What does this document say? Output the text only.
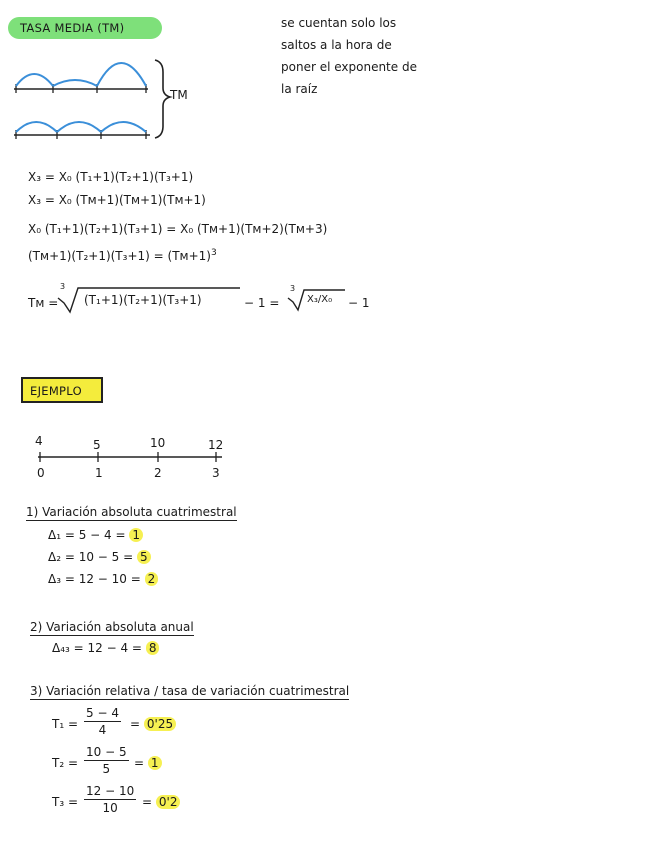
TASA MEDIA (TM)
TM
se cuentan solo los
saltos a la hora de
poner el exponente de
la raíz
X₃ = X₀ (T₁+1)(T₂+1)(T₃+1)
X₃ = X₀ (Tм+1)(Tм+1)(Tм+1)
X₀ (T₁+1)(T₂+1)(T₃+1) = X₀ (Tм+1)(Tм+2)(Tм+3)
$(Tм+1)(T_2+1)(T_3+1) = (Tм+1)^3$
Tм =
3
(T₁+1)(T₂+1)(T₃+1)	− 1 =
3
X₃/X₀ − 1
EJEMPLO
4	5	10	12
0	1	2	3
1) Variación absoluta cuatrimestral
Δ₁ = 5 − 4 = 1
Δ₂ = 10 − 5 = 5
Δ₃ = 12 − 10 = 2
2) Variación absoluta anual
Δ₄₃ = 12 − 4 = 8
3) Variación relativa / tasa de variación cuatrimestral
$T_1 = \frac{5 - 4}{4} = 0'25$
$T_2 = \frac{10 - 5}{5} = 1$
$T_3 = \frac{12 - 10}{10} = 0'2$
